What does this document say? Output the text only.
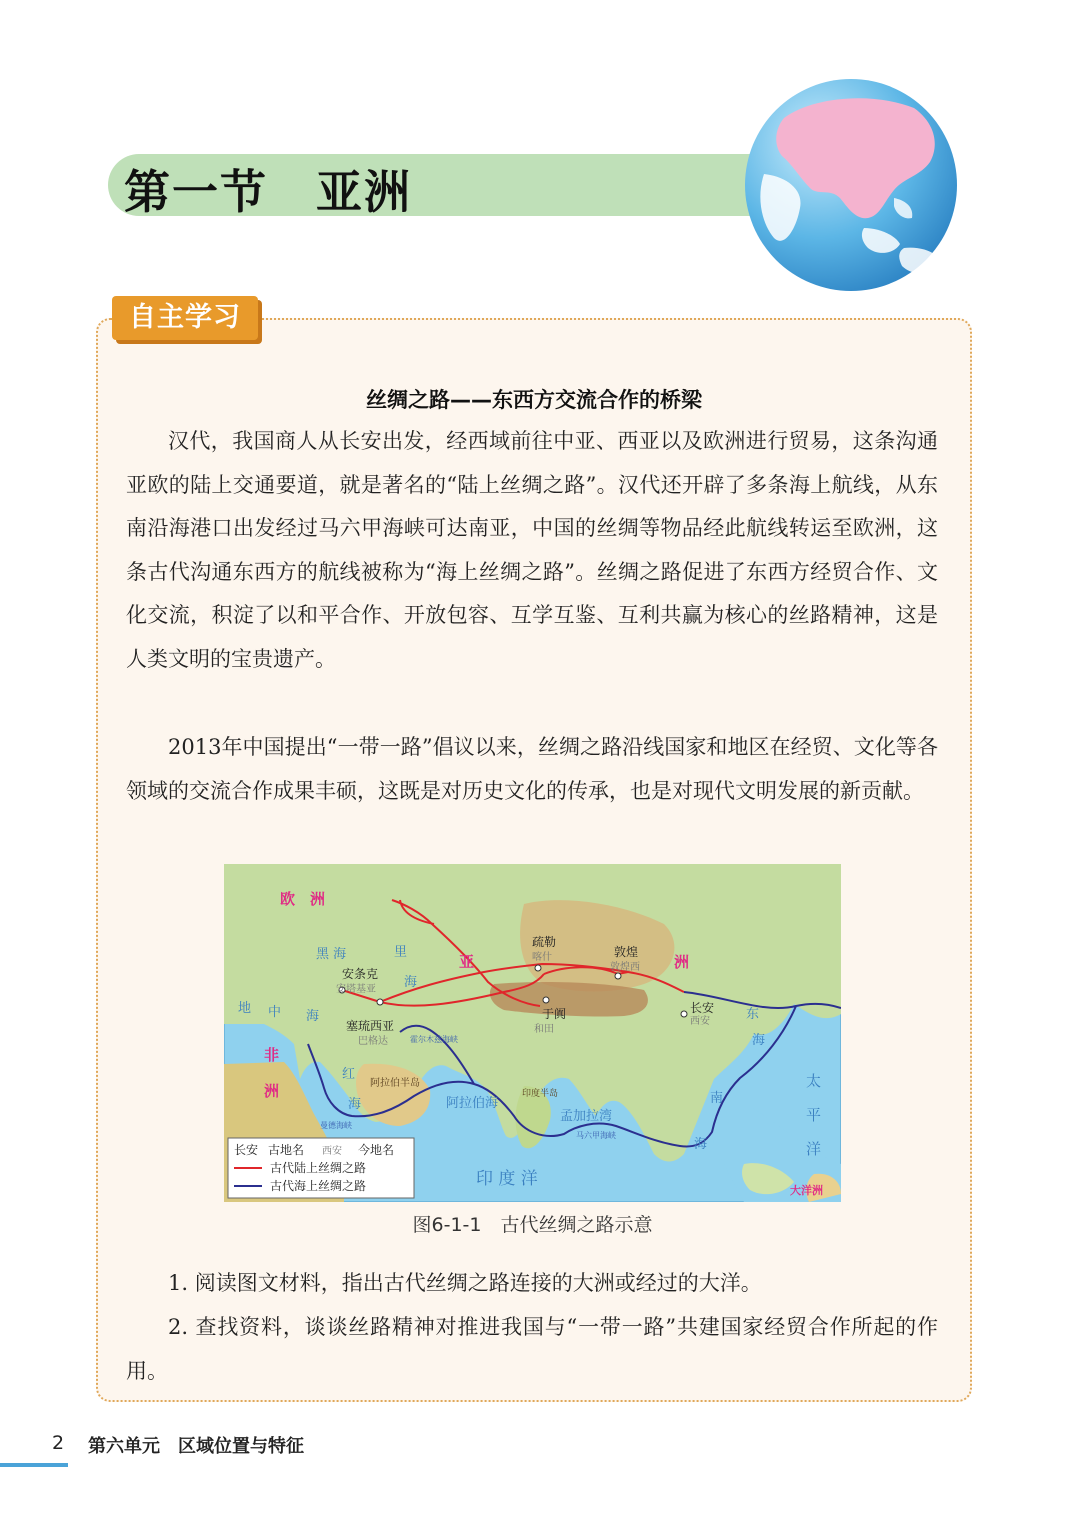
第一节　亚洲
自主学习
丝绸之路——东西方交流合作的桥梁

汉代，我国商人从长安出发，经西域前往中亚、西亚以及欧洲进行贸易，这条沟通亚欧的陆上交通要道，就是著名的“陆上丝绸之路”。汉代还开辟了多条海上航线，从东南沿海港口出发经过马六甲海峡可达南亚，中国的丝绸等物品经此航线转运至欧洲，这条古代沟通东西方的航线被称为“海上丝绸之路”。丝绸之路促进了东西方经贸合作、文化交流，积淀了以和平合作、开放包容、互学互鉴、互利共赢为核心的丝路精神，这是人类文明的宝贵遗产。

2013年中国提出“一带一路”倡议以来，丝绸之路沿线国家和地区在经贸、文化等各领域的交流合作成果丰硕，这既是对历史文化的传承，也是对现代文明发展的新贡献。

欧　洲
亚	洲
非
洲
黑 海	里
海
地 中 海
红
海
阿拉伯半岛
阿拉伯海
霍尔木兹海峡
曼德海峡
印度半岛
孟加拉湾
马六甲海峡
印 度 洋
南
海
东
海
太
平
洋
大洋洲
安条克
安塔基亚
塞琉西亚
巴格达
疏勒
喀什	敦煌
敦煌西
于阗
和田
长安
西安
长安 古地名 西安 今地名
古代陆上丝绸之路
古代海上丝绸之路
图6-1-1　古代丝绸之路示意

1. 阅读图文材料，指出古代丝绸之路连接的大洲或经过的大洋。

2. 查找资料，谈谈丝路精神对推进我国与“一带一路”共建国家经贸合作所起的作用。

2 第六单元　区域位置与特征
